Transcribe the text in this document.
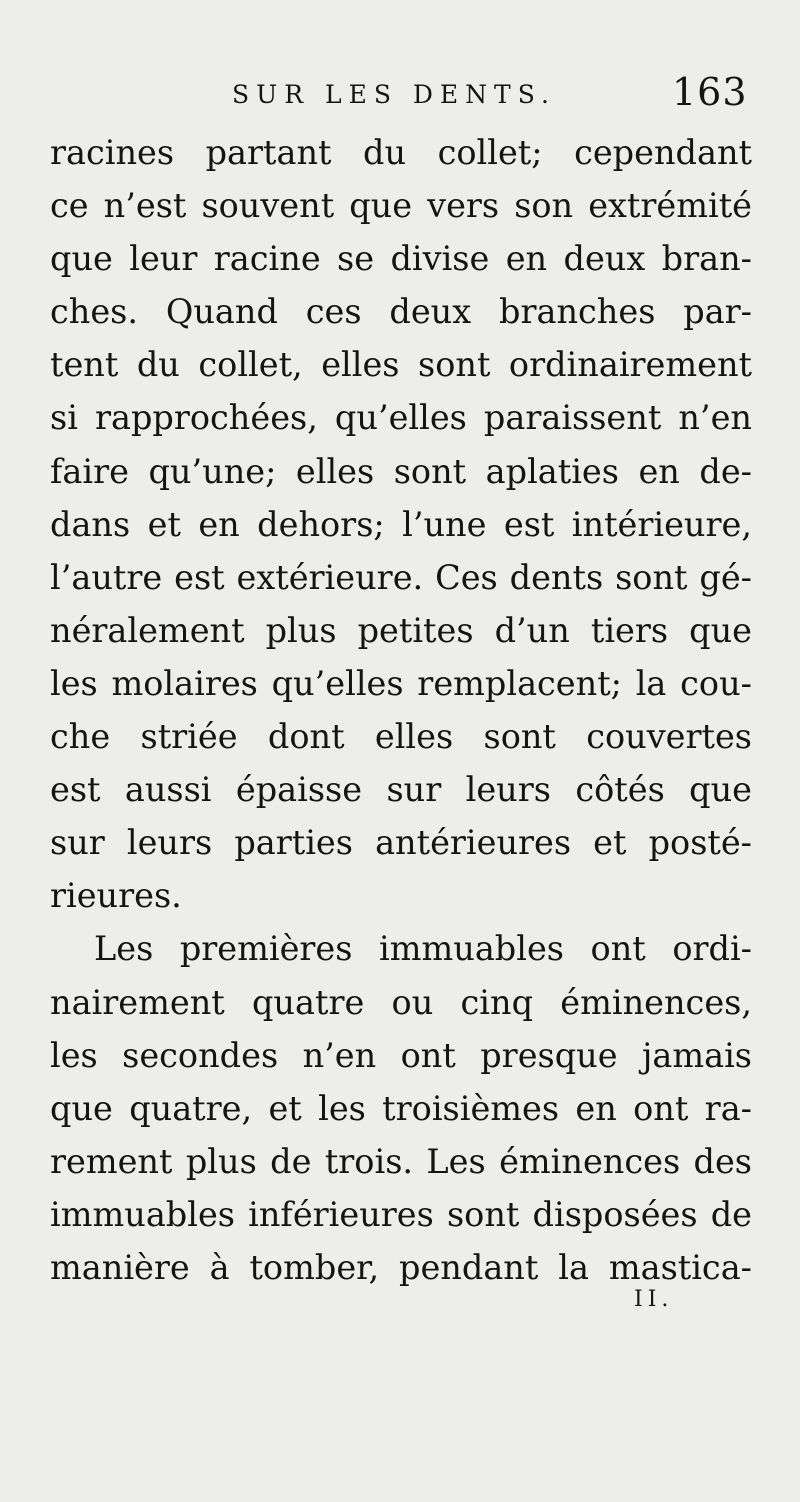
SUR LES DENTS.	163
racines partant du collet; cependant
ce n’est souvent que vers son extrémité
que leur racine se divise en deux bran-
ches. Quand ces deux branches par-
tent du collet, elles sont ordinairement
si rapprochées, qu’elles paraissent n’en
faire qu’une; elles sont aplaties en de-
dans et en dehors; l’une est intérieure,
l’autre est extérieure. Ces dents sont gé-
néralement plus petites d’un tiers que
les molaires qu’elles remplacent; la cou-
che striée dont elles sont couvertes
est aussi épaisse sur leurs côtés que
sur leurs parties antérieures et posté-
rieures.
Les premières immuables ont ordi-
nairement quatre ou cinq éminences,
les secondes n’en ont presque jamais
que quatre, et les troisièmes en ont ra-
rement plus de trois. Les éminences des
immuables inférieures sont disposées de
manière à tomber, pendant la mastica-
II.
